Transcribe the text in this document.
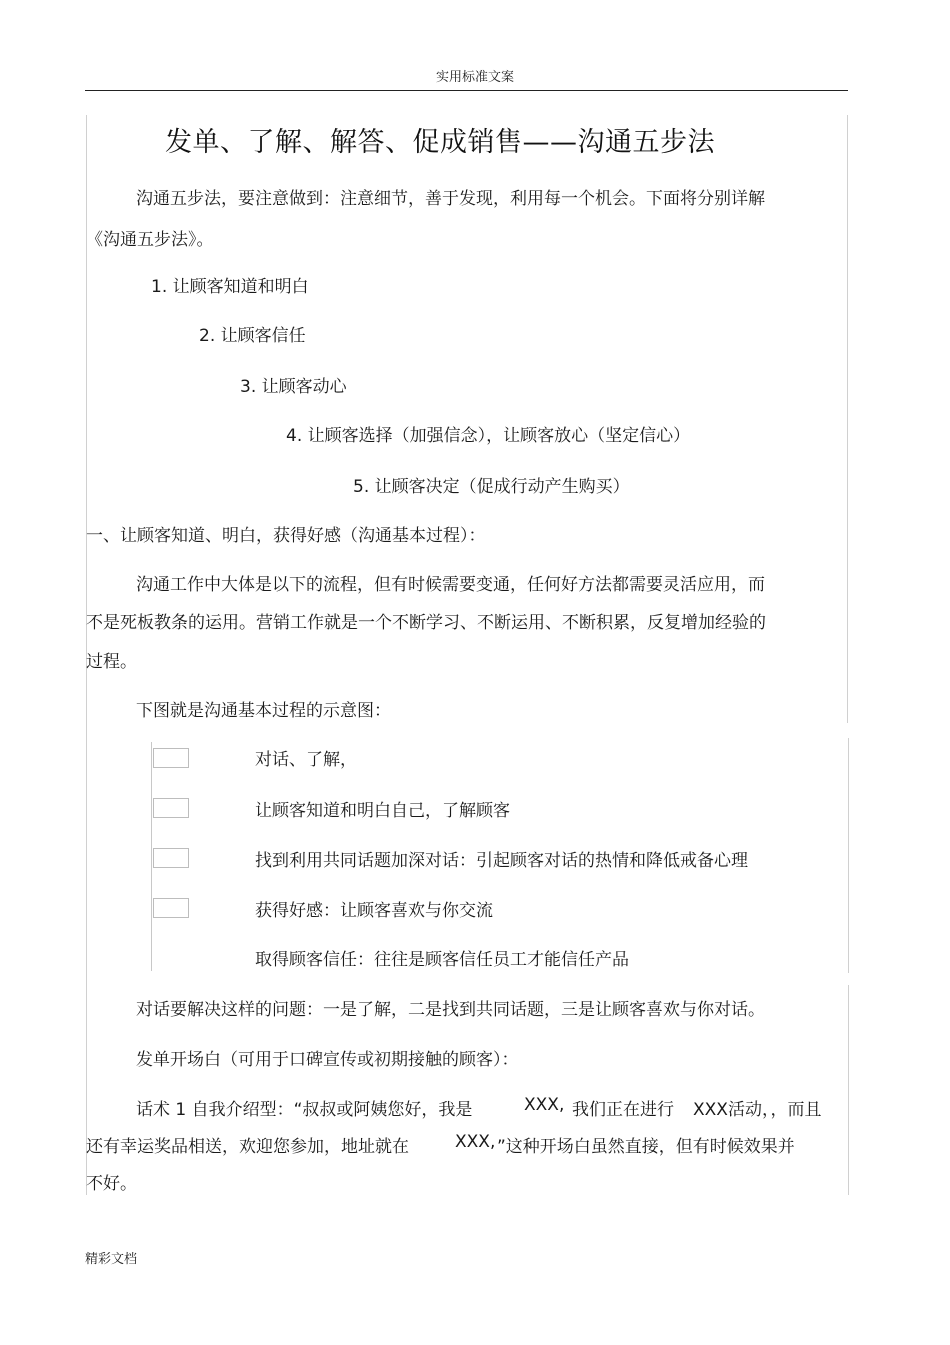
实用标准文案
发单、了解、解答、促成销售——沟通五步法
沟通五步法，要注意做到：注意细节，善于发现，利用每一个机会。下面将分别详解
《沟通五步法》。
1. 让顾客知道和明白
2. 让顾客信任
3. 让顾客动心
4. 让顾客选择（加强信念），让顾客放心（坚定信心）
5. 让顾客决定（促成行动产生购买）
一、让顾客知道、明白，获得好感（沟通基本过程）：
沟通工作中大体是以下的流程，但有时候需要变通，任何好方法都需要灵活应用，而
不是死板教条的运用。营销工作就是一个不断学习、不断运用、不断积累，反复增加经验的
过程。
下图就是沟通基本过程的示意图：
对话、了解，
让顾客知道和明白自己，了解顾客
找到利用共同话题加深对话：引起顾客对话的热情和降低戒备心理
获得好感：让顾客喜欢与你交流
取得顾客信任：往往是顾客信任员工才能信任产品
对话要解决这样的问题：一是了解，二是找到共同话题，三是让顾客喜欢与你对话。
发单开场白（可用于口碑宣传或初期接触的顾客）：
话术 1 自我介绍型：“叔叔或阿姨您好，我是	XXX, 我们正在进行 XXX活动，，而且
还有幸运奖品相送，欢迎您参加，地址就在	XXX, ”这种开场白虽然直接，但有时候效果并
不好。
精彩文档
